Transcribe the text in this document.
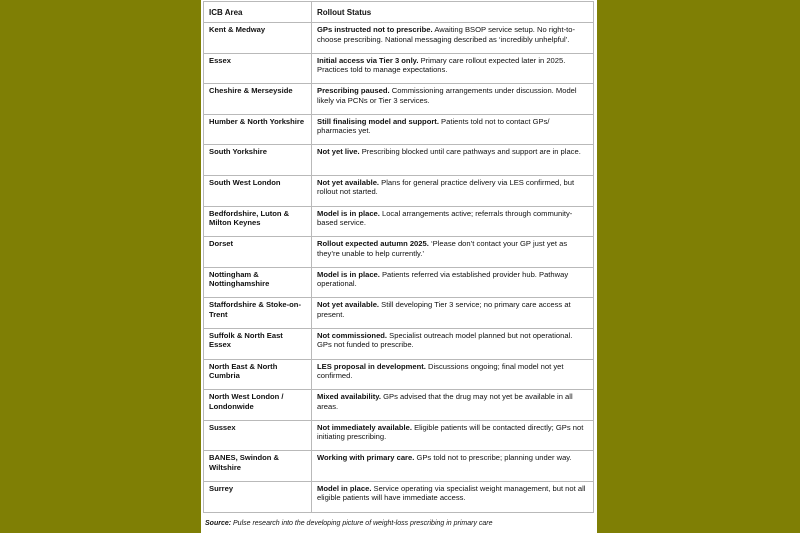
ICB Area	Rollout Status
Kent & Medway	GPs instructed not to prescribe. Awaiting BSOP service setup. No right-to-choose prescribing. National messaging described as ‘incredibly unhelpful’.
Essex	Initial access via Tier 3 only. Primary care rollout expected later in 2025. Practices told to manage expectations.
Cheshire & Merseyside	Prescribing paused. Commissioning arrangements under discussion. Model likely via PCNs or Tier 3 services.
Humber & North Yorkshire	Still finalising model and support. Patients told not to contact GPs/ pharmacies yet.
South Yorkshire	Not yet live. Prescribing blocked until care pathways and support are in place.
South West London	Not yet available. Plans for general practice delivery via LES confirmed, but rollout not started.
Bedfordshire, Luton & Milton Keynes	Model is in place. Local arrangements active; referrals through community-based service.
Dorset	Rollout expected autumn 2025. ‘Please don’t contact your GP just yet as they’re unable to help currently.’
Nottingham & Nottinghamshire	Model is in place. Patients referred via established provider hub. Pathway operational.
Staffordshire & Stoke-on-Trent	Not yet available. Still developing Tier 3 service; no primary care access at present.
Suffolk & North East Essex	Not commissioned. Specialist outreach model planned but not operational. GPs not funded to prescribe.
North East & North Cumbria	LES proposal in development. Discussions ongoing; final model not yet confirmed.
North West London / Londonwide	Mixed availability. GPs advised that the drug may not yet be available in all areas.
Sussex	Not immediately available. Eligible patients will be contacted directly; GPs not initiating prescribing.
BANES, Swindon & Wiltshire	Working with primary care. GPs told not to prescribe; planning under way.
Surrey	Model in place. Service operating via specialist weight management, but not all eligible patients will have immediate access.
Source: Pulse research into the developing picture of weight-loss prescribing in primary care
